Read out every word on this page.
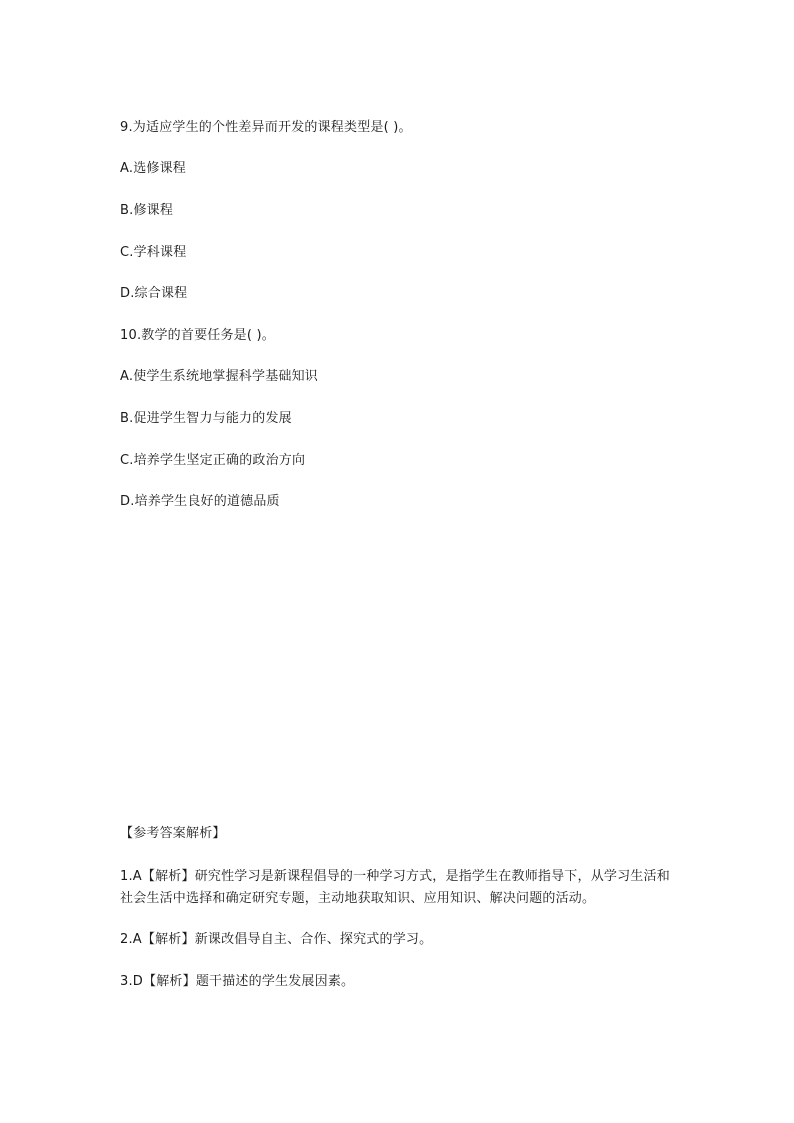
9.为适应学生的个性差异而开发的课程类型是( )。
A.选修课程
B.修课程
C.学科课程
D.综合课程
10.教学的首要任务是( )。
A.使学生系统地掌握科学基础知识
B.促进学生智力与能力的发展
C.培养学生坚定正确的政治方向
D.培养学生良好的道德品质
【参考答案解析】
1.A【解析】研究性学习是新课程倡导的一种学习方式，是指学生在教师指导下，从学习生活和社会生活中选择和确定研究专题，主动地获取知识、应用知识、解决问题的活动。
2.A【解析】新课改倡导自主、合作、探究式的学习。
3.D【解析】题干描述的学生发展因素。
